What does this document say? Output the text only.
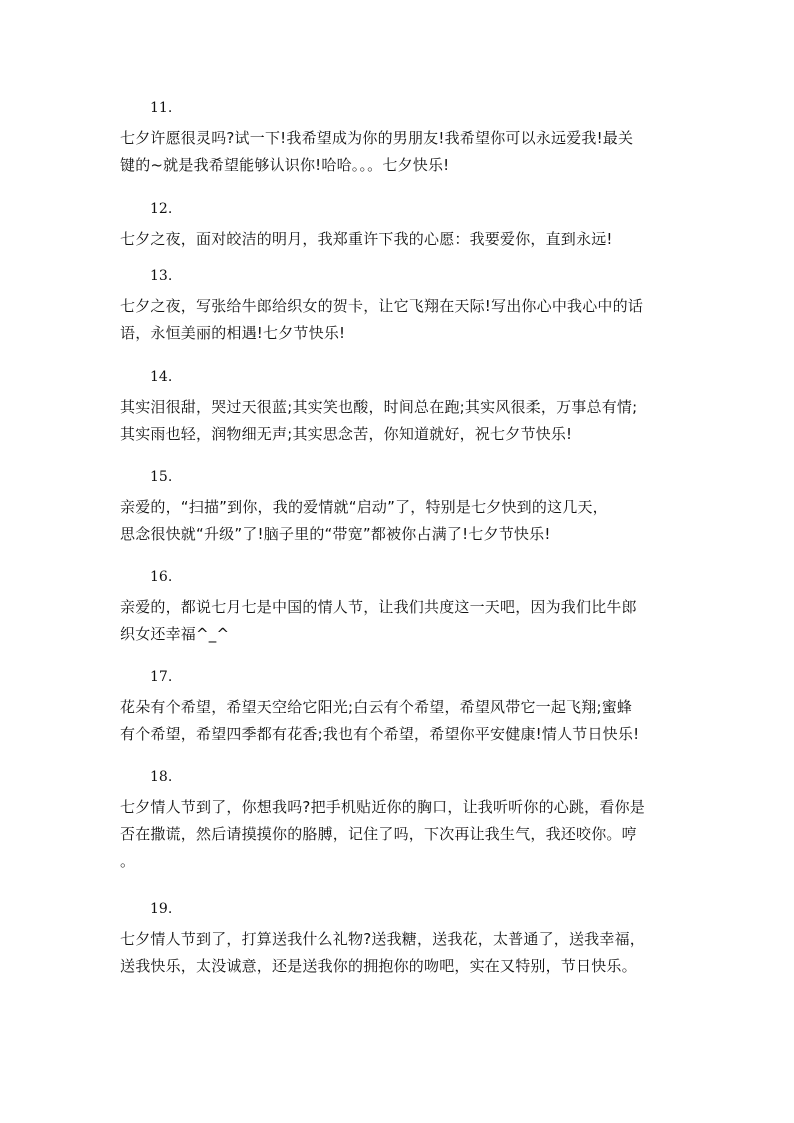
11.

七夕许愿很灵吗?试一下!我希望成为你的男朋友!我希望你可以永远爱我!最关
键的~就是我希望能够认识你!哈哈。。。七夕快乐!

12.

七夕之夜，面对皎洁的明月，我郑重许下我的心愿：我要爱你，直到永远!

13.

七夕之夜，写张给牛郎给织女的贺卡，让它飞翔在天际!写出你心中我心中的话
语，永恒美丽的相遇!七夕节快乐!

14.

其实泪很甜，哭过天很蓝;其实笑也酸，时间总在跑;其实风很柔，万事总有情;
其实雨也轻，润物细无声;其实思念苦，你知道就好，祝七夕节快乐!

15.

亲爱的，“扫描”到你，我的爱情就“启动”了，特别是七夕快到的这几天，
思念很快就“升级”了!脑子里的“带宽”都被你占满了!七夕节快乐!

16.

亲爱的，都说七月七是中国的情人节，让我们共度这一天吧，因为我们比牛郎
织女还幸福^_^

17.

花朵有个希望，希望天空给它阳光;白云有个希望，希望风带它一起飞翔;蜜蜂
有个希望，希望四季都有花香;我也有个希望，希望你平安健康!情人节日快乐!

18.

七夕情人节到了，你想我吗?把手机贴近你的胸口，让我听听你的心跳，看你是
否在撒谎，然后请摸摸你的胳膊，记住了吗，下次再让我生气，我还咬你。哼
。

19.

七夕情人节到了，打算送我什么礼物?送我糖，送我花，太普通了，送我幸福，
送我快乐，太没诚意，还是送我你的拥抱你的吻吧，实在又特别，节日快乐。
